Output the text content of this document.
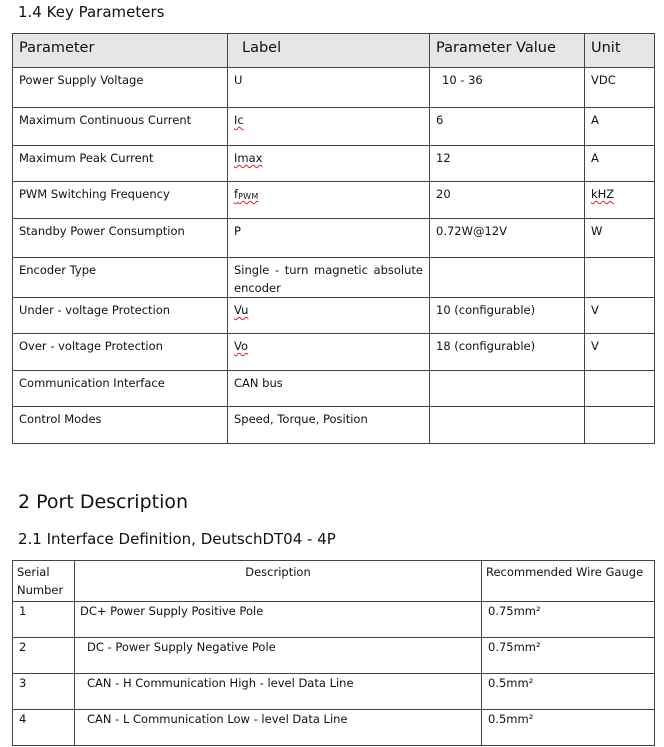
1.4 Key Parameters
Parameter	Label	Parameter Value	Unit
Power Supply Voltage	U	10 - 36	VDC
Maximum Continuous Current	Ic	6	A
Maximum Peak Current	Imax	12	A
PWM Switching Frequency	$f_{PWM}$	20	kHZ
Standby Power Consumption	P	0.72W@12V	W
Encoder Type	Single - turn magnetic absolute encoder		
Under - voltage Protection	Vu	10 (configurable)	V
Over - voltage Protection	Vo	18 (configurable)	V
Communication Interface	CAN bus		
Control Modes	Speed, Torque, Position		
2 Port Description
2.1 Interface Definition, DeutschDT04 - 4P
Serial Number	Description	Recommended Wire Gauge
1	DC+ Power Supply Positive Pole	0.75mm²
2	DC - Power Supply Negative Pole	0.75mm²
3	CAN - H Communication High - level Data Line	0.5mm²
4	CAN - L Communication Low - level Data Line	0.5mm²
